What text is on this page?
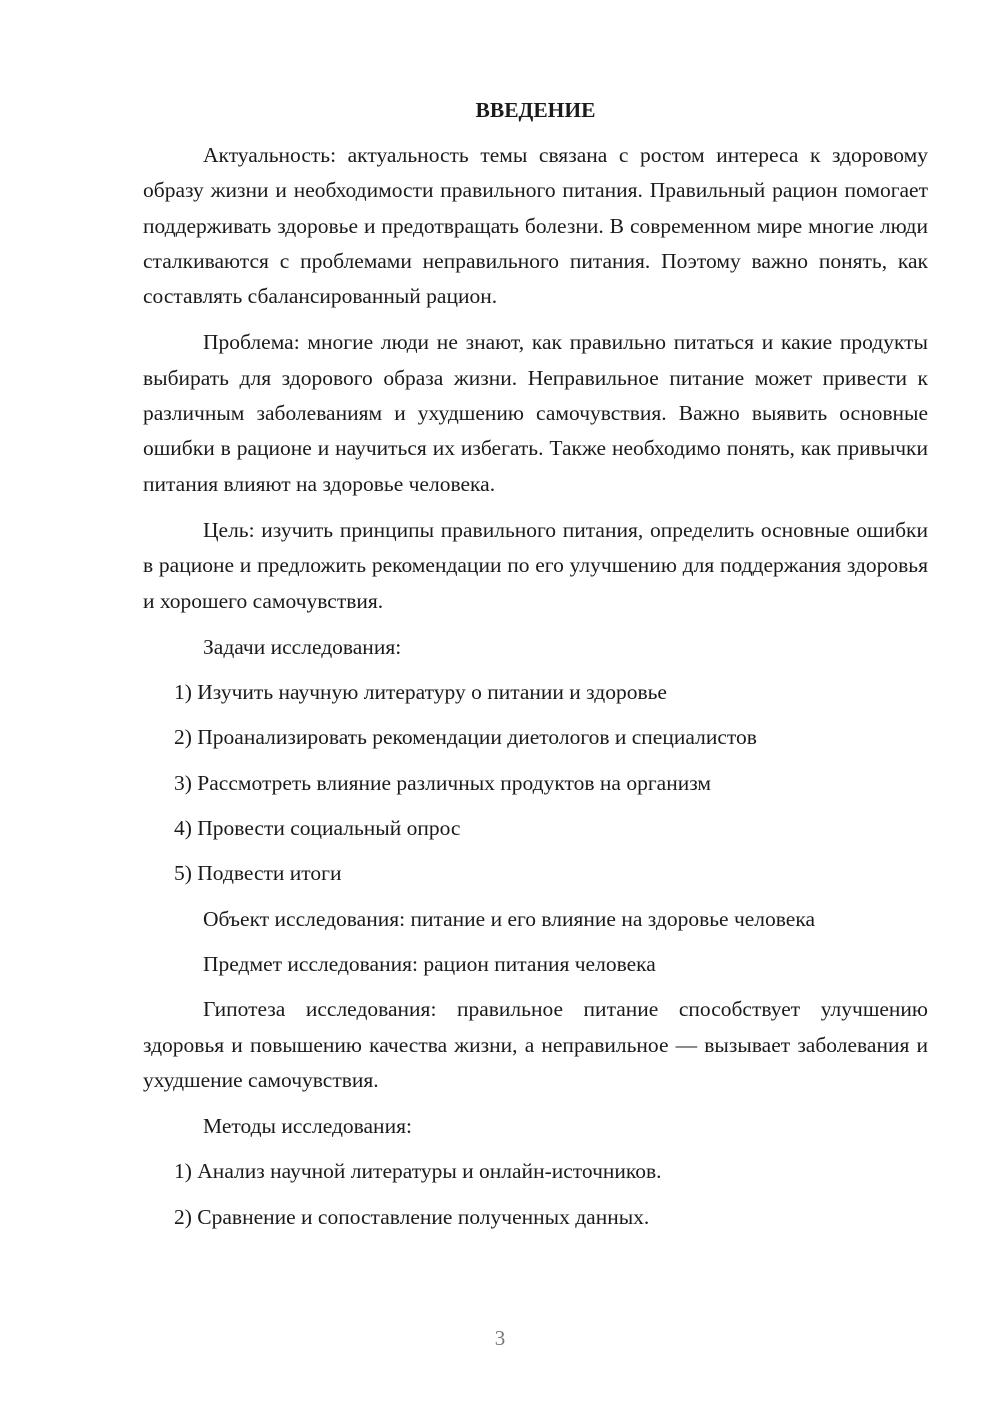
ВВЕДЕНИЕ

Актуальность: актуальность темы связана с ростом интереса к здоровому образу жизни и необходимости правильного питания. Правильный рацион помогает поддерживать здоровье и предотвращать болезни. В современном мире многие люди сталкиваются с проблемами неправильного питания. Поэтому важно понять, как составлять сбалансированный рацион.

Проблема: многие люди не знают, как правильно питаться и какие продукты выбирать для здорового образа жизни. Неправильное питание может привести к различным заболеваниям и ухудшению самочувствия. Важно выявить основные ошибки в рационе и научиться их избегать. Также необходимо понять, как привычки питания влияют на здоровье человека.

Цель: изучить принципы правильного питания, определить основные ошибки в рационе и предложить рекомендации по его улучшению для поддержания здоровья и хорошего самочувствия.

Задачи исследования:
1) Изучить научную литературу о питании и здоровье
2) Проанализировать рекомендации диетологов и специалистов
3) Рассмотреть влияние различных продуктов на организм
4) Провести социальный опрос
5) Подвести итоги
Объект исследования: питание и его влияние на здоровье человека
Предмет исследования: рацион питания человека

Гипотеза исследования: правильное питание способствует улучшению здоровья и повышению качества жизни, а неправильное — вызывает заболевания и ухудшение самочувствия.

Методы исследования:
1) Анализ научной литературы и онлайн-источников.
2) Сравнение и сопоставление полученных данных.
3
